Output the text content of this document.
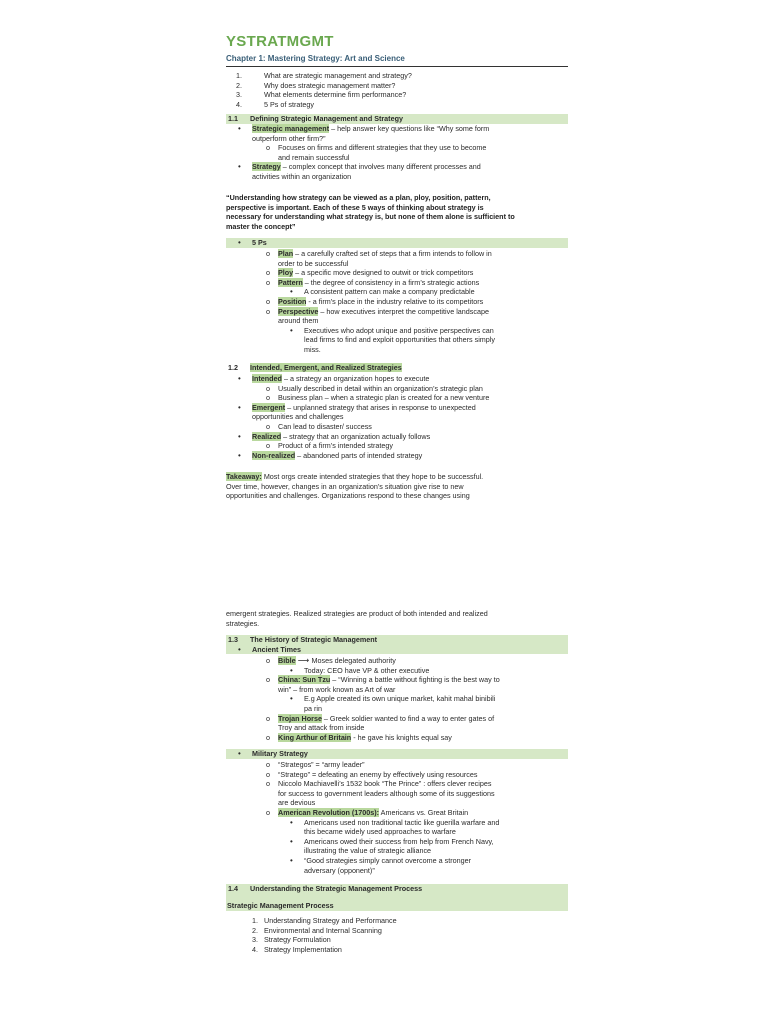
YSTRATMGMT
Chapter 1: Mastering Strategy: Art and Science
1.	What are strategic management and strategy?
2.	Why does strategic management matter?
3.	What elements determine firm performance?
4.	5 Ps of strategy
1.1	Defining Strategic Management and Strategy
•	Strategic management – help answer key questions like “Why some form
outperform other firm?”
o	Focuses on firms and different strategies that they use to become
and remain successful
•	Strategy – complex concept that involves many different processes and
activities within an organization
“Understanding how strategy can be viewed as a plan, ploy, position, pattern,
perspective is important. Each of these 5 ways of thinking about strategy is
necessary for understanding what strategy is, but none of them alone is sufficient to
master the concept”
•	5 Ps
o	Plan – a carefully crafted set of steps that a firm intends to follow in
order to be successful
o	Ploy – a specific move designed to outwit or trick competitors
o	Pattern – the degree of consistency in a firm’s strategic actions
•	A consistent pattern can make a company predictable
o	Position - a firm’s place in the industry relative to its competitors
o	Perspective – how executives interpret the competitive landscape
around them
•	Executives who adopt unique and positive perspectives can
lead firms to find and exploit opportunities that others simply
miss.
1.2	Intended, Emergent, and Realized Strategies
•	Intended – a strategy an organization hopes to execute
o	Usually described in detail within an organization’s strategic plan
o	Business plan – when a strategic plan is created for a new venture
•	Emergent – unplanned strategy that arises in response to unexpected
opportunities and challenges
o	Can lead to disaster/ success
•	Realized – strategy that an organization actually follows
o	Product of a firm’s intended strategy
•	Non-realized – abandoned parts of intended strategy
Takeaway: Most orgs create intended strategies that they hope to be successful.
Over time, however, changes in an organization’s situation give rise to new
opportunities and challenges. Organizations respond to these changes using
emergent strategies. Realized strategies are product of both intended and realized
strategies.
1.3	The History of Strategic Management
•	Ancient Times
o	Bible ⟶ Moses delegated authority
•	Today: CEO have VP & other executive
o	China: Sun Tzu – “Winning a battle without fighting is the best way to
win” – from work known as Art of war
•	E.g Apple created its own unique market, kahit mahal binibili
pa rin
o	Trojan Horse – Greek soldier wanted to find a way to enter gates of
Troy and attack from inside
o	King Arthur of Britain - he gave his knights equal say
•	Military Strategy
o	“Strategos” = “army leader”
o	“Stratego” = defeating an enemy by effectively using resources
o	Niccolo Machiavelli’s 1532 book “The Prince” : offers clever recipes
for success to government leaders although some of its suggestions
are devious
o	American Revolution (1700s): Americans vs. Great Britain
•	Americans used non traditional tactic like guerilla warfare and
this became widely used approaches to warfare
•	Americans owed their success from help from French Navy,
illustrating the value of strategic alliance
•	“Good strategies simply cannot overcome a stronger
adversary (opponent)”
1.4	Understanding the Strategic Management Process
Strategic Management Process
1. Understanding Strategy and Performance
2. Environmental and Internal Scanning
3. Strategy Formulation
4. Strategy Implementation
